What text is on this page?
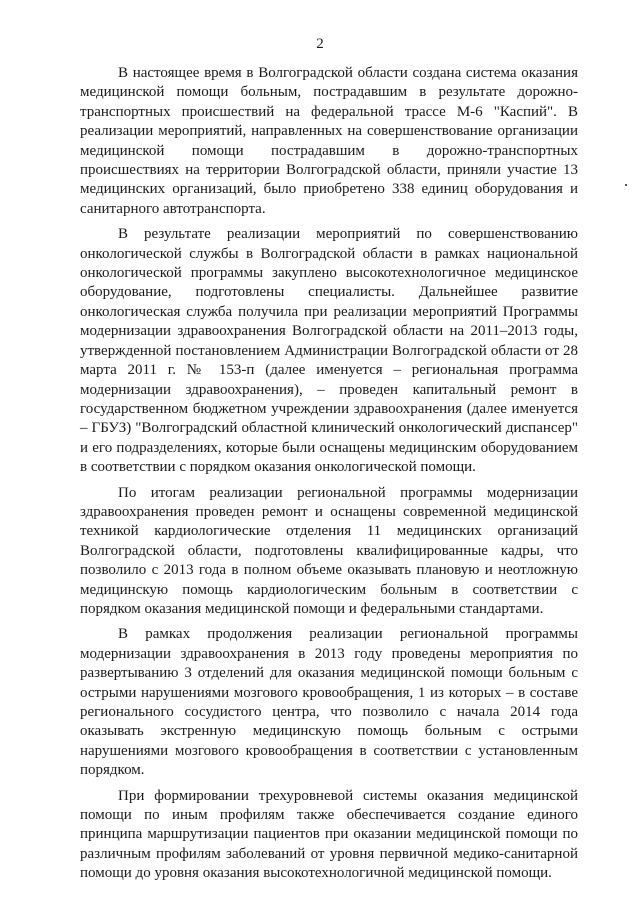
2

В настоящее время в Волгоградской области создана система оказания медицинской помощи больным, пострадавшим в результате дорожно-транспортных происшествий на федеральной трассе М-6 "Каспий". В реализации мероприятий, направленных на совершенствование организации медицинской помощи пострадавшим в дорожно-транспортных происшествиях на территории Волгоградской области, приняли участие 13 медицинских организаций, было приобретено 338 единиц оборудования и санитарного автотранспорта.

В результате реализации мероприятий по совершенствованию онкологической службы в Волгоградской области в рамках национальной онкологической программы закуплено высокотехнологичное медицинское оборудование, подготовлены специалисты. Дальнейшее развитие онкологическая служба получила при реализации мероприятий Программы модернизации здравоохранения Волгоградской области на 2011–2013 годы, утвержденной постановлением Администрации Волгоградской области от 28 марта 2011 г. № 153-п (далее именуется – региональная программа модернизации здравоохранения), – проведен капитальный ремонт в государственном бюджетном учреждении здравоохранения (далее именуется – ГБУЗ) "Волгоградский областной клинический онкологический диспансер" и его подразделениях, которые были оснащены медицинским оборудованием в соответствии с порядком оказания онкологической помощи.

По итогам реализации региональной программы модернизации здравоохранения проведен ремонт и оснащены современной медицинской техникой кардиологические отделения 11 медицинских организаций Волгоградской области, подготовлены квалифицированные кадры, что позволило с 2013 года в полном объеме оказывать плановую и неотложную медицинскую помощь кардиологическим больным в соответствии с порядком оказания медицинской помощи и федеральными стандартами.

В рамках продолжения реализации региональной программы модернизации здравоохранения в 2013 году проведены мероприятия по развертыванию 3 отделений для оказания медицинской помощи больным с острыми нарушениями мозгового кровообращения, 1 из которых – в составе регионального сосудистого центра, что позволило с начала 2014 года оказывать экстренную медицинскую помощь больным с острыми нарушениями мозгового кровообращения в соответствии с установленным порядком.

При формировании трехуровневой системы оказания медицинской помощи по иным профилям также обеспечивается создание единого принципа маршрутизации пациентов при оказании медицинской помощи по различным профилям заболеваний от уровня первичной медико-санитарной помощи до уровня оказания высокотехнологичной медицинской помощи.
